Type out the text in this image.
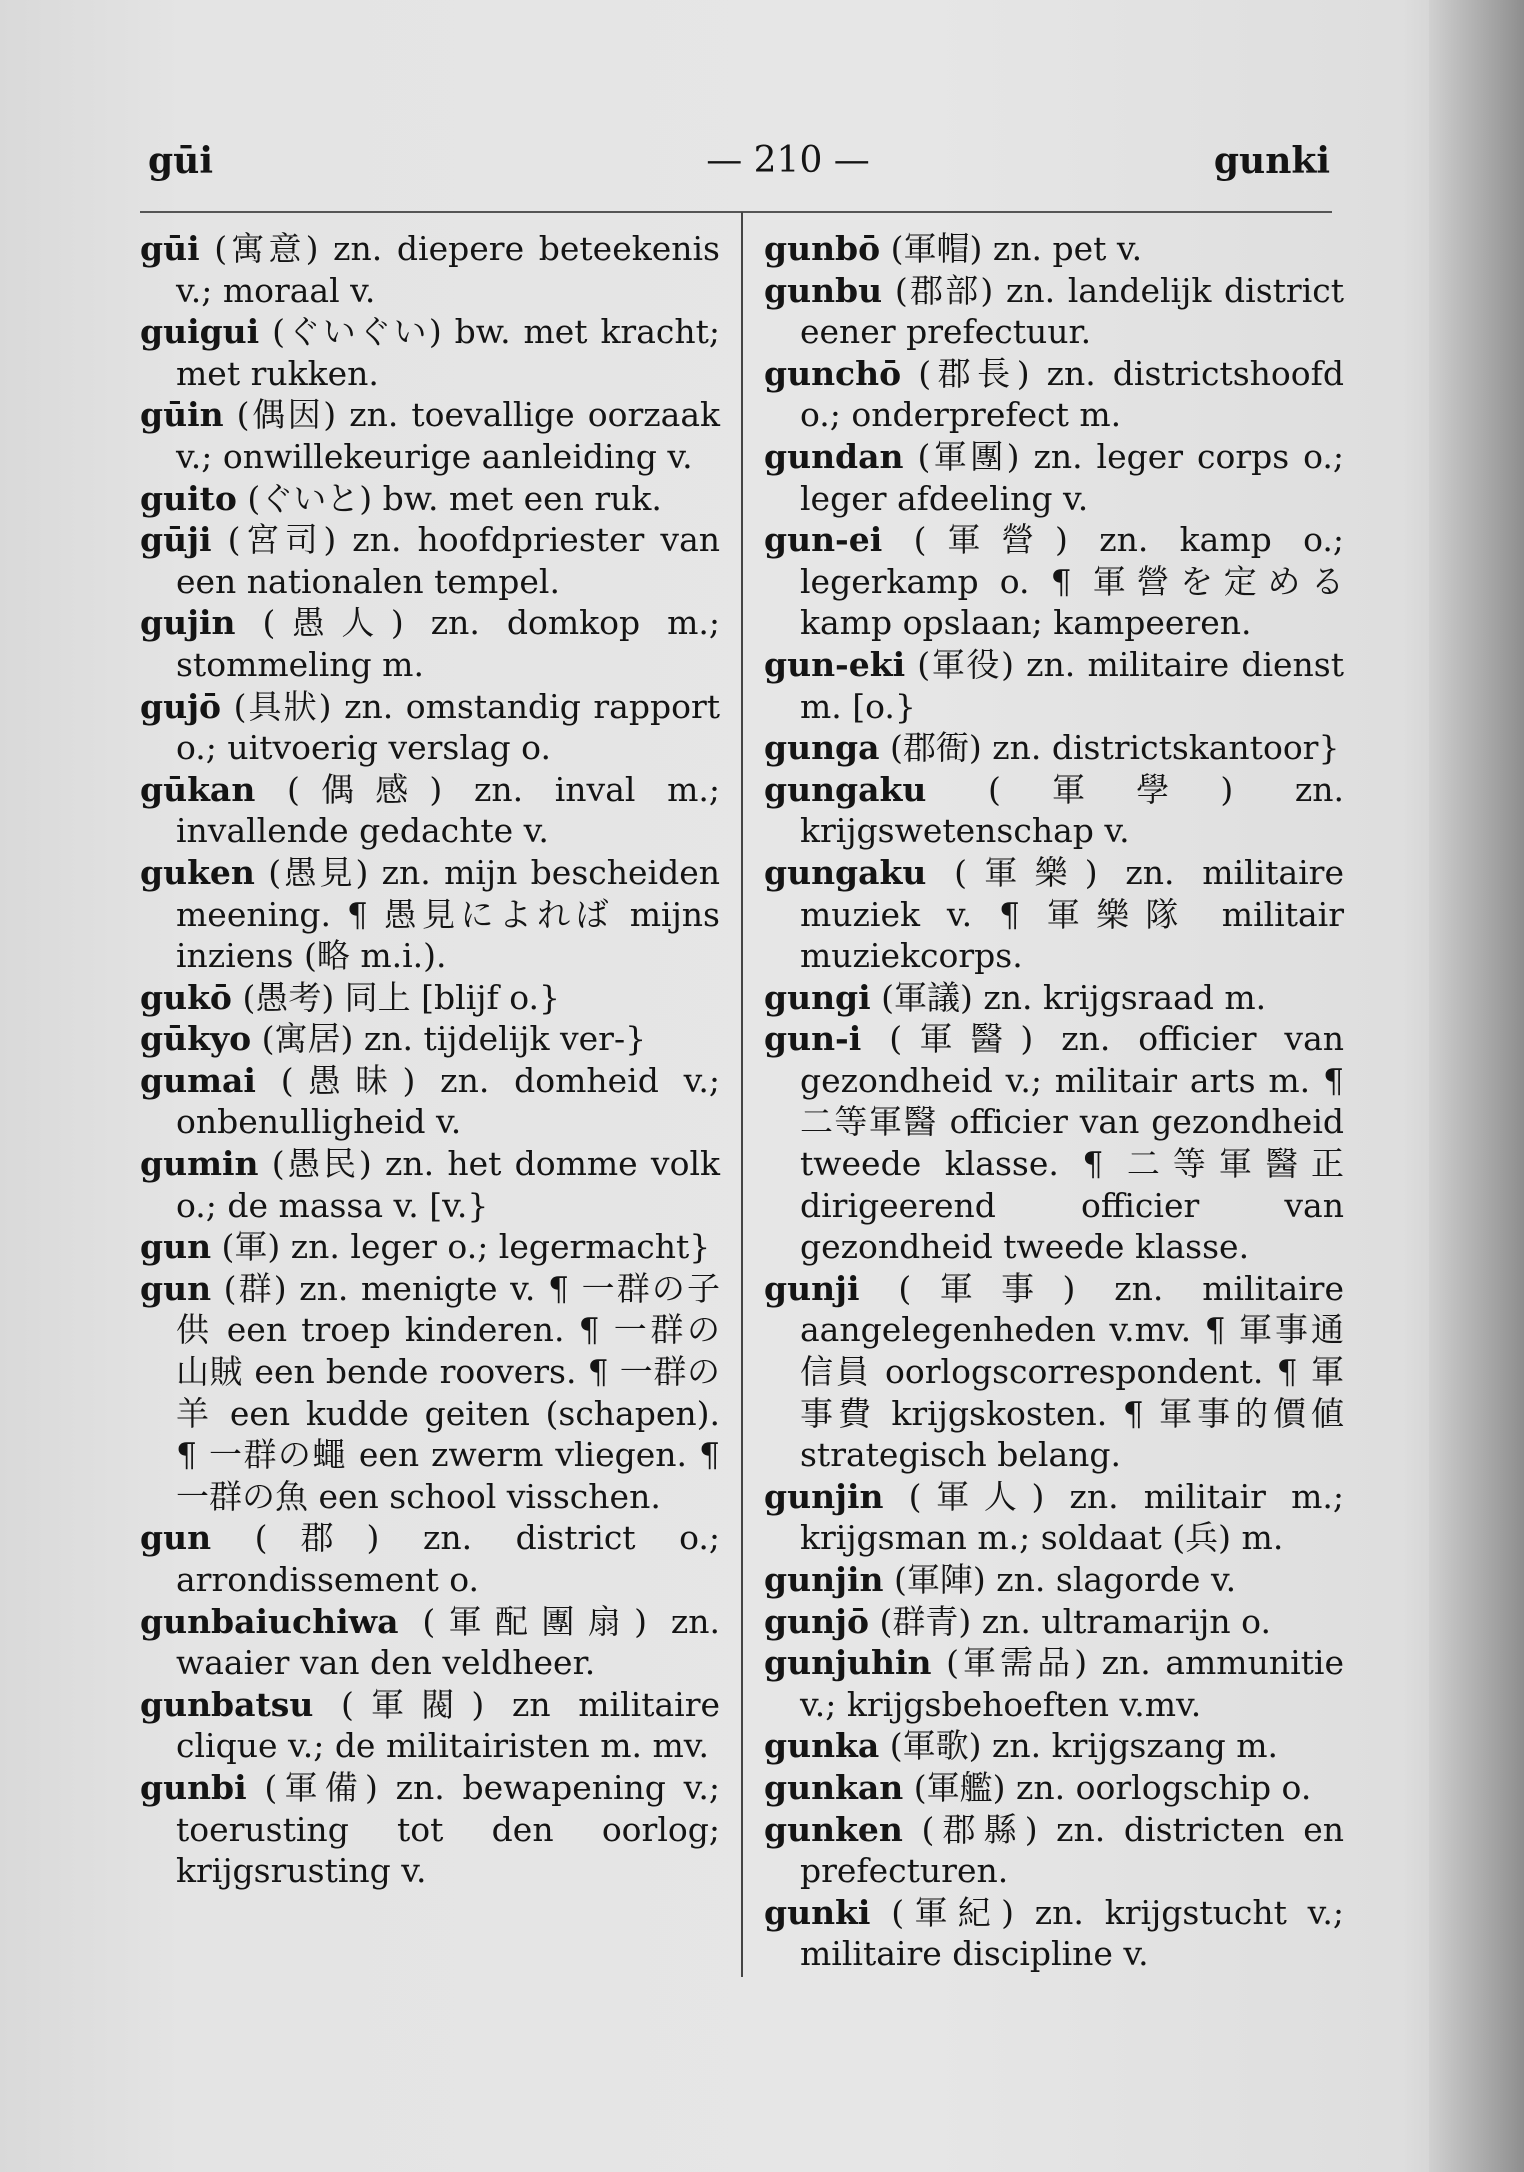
gūi	— 210 —	gunki
gūi (寓意) zn. diepere beteekenis v.; moraal v.
guigui (ぐいぐい) bw. met kracht; met rukken.
gūin (偶因) zn. toevallige oorzaak v.; onwillekeurige aanleiding v.
guito (ぐいと) bw. met een ruk.
gūji (宮司) zn. hoofdpriester van een nationalen tempel.
gujin (愚人) zn. domkop m.; stommeling m.
gujō (具狀) zn. omstandig rapport o.; uitvoerig verslag o.
gūkan (偶感) zn. inval m.; invallende gedachte v.
guken (愚見) zn. mijn bescheiden meening. ¶ 愚見によれば mijns inziens (略 m.i.).
gukō (愚考) 同上 [blijf o.}
gūkyo (寓居) zn. tijdelijk ver-}
gumai (愚昧) zn. domheid v.; onbenulligheid v.
gumin (愚民) zn. het domme volk o.; de massa v. [v.}
gun (軍) zn. leger o.; legermacht}
gun (群) zn. menigte v. ¶ 一群の子供 een troep kinderen. ¶ 一群の山賊 een bende roovers. ¶ 一群の羊 een kudde geiten (schapen). ¶ 一群の蠅 een zwerm vliegen. ¶ 一群の魚 een school visschen.
gun (郡) zn. district o.; arrondissement o.
gunbaiuchiwa (軍配團扇) zn. waaier van den veldheer.
gunbatsu (軍閥) zn militaire clique v.; de militairisten m. mv.
gunbi (軍備) zn. bewapening v.; toerusting tot den oorlog; krijgsrusting v.
gunbō (軍帽) zn. pet v.
gunbu (郡部) zn. landelijk district eener prefectuur.
gunchō (郡長) zn. districtshoofd o.; onderprefect m.
gundan (軍團) zn. leger corps o.; leger afdeeling v.
gun-ei (軍營) zn. kamp o.; legerkamp o. ¶ 軍營を定める kamp opslaan; kampeeren.
gun-eki (軍役) zn. militaire dienst m. [o.}
gunga (郡衙) zn. districtskantoor}
gungaku (軍學) zn. krijgswetenschap v.
gungaku (軍樂) zn. militaire muziek v. ¶ 軍樂隊 militair muziekcorps.
gungi (軍議) zn. krijgsraad m.
gun-i (軍醫) zn. officier van gezondheid v.; militair arts m. ¶ 二等軍醫 officier van gezondheid tweede klasse. ¶ 二等軍醫正 dirigeerend officier van gezondheid tweede klasse.
gunji (軍事) zn. militaire aangelegenheden v.mv. ¶ 軍事通信員 oorlogscorrespondent. ¶ 軍事費 krijgskosten. ¶ 軍事的價値 strategisch belang.
gunjin (軍人) zn. militair m.; krijgsman m.; soldaat (兵) m.
gunjin (軍陣) zn. slagorde v.
gunjō (群青) zn. ultramarijn o.
gunjuhin (軍需品) zn. ammunitie v.; krijgsbehoeften v.mv.
gunka (軍歌) zn. krijgszang m.
gunkan (軍艦) zn. oorlogschip o.
gunken (郡縣) zn. districten en prefecturen.
gunki (軍紀) zn. krijgstucht v.; militaire discipline v.
